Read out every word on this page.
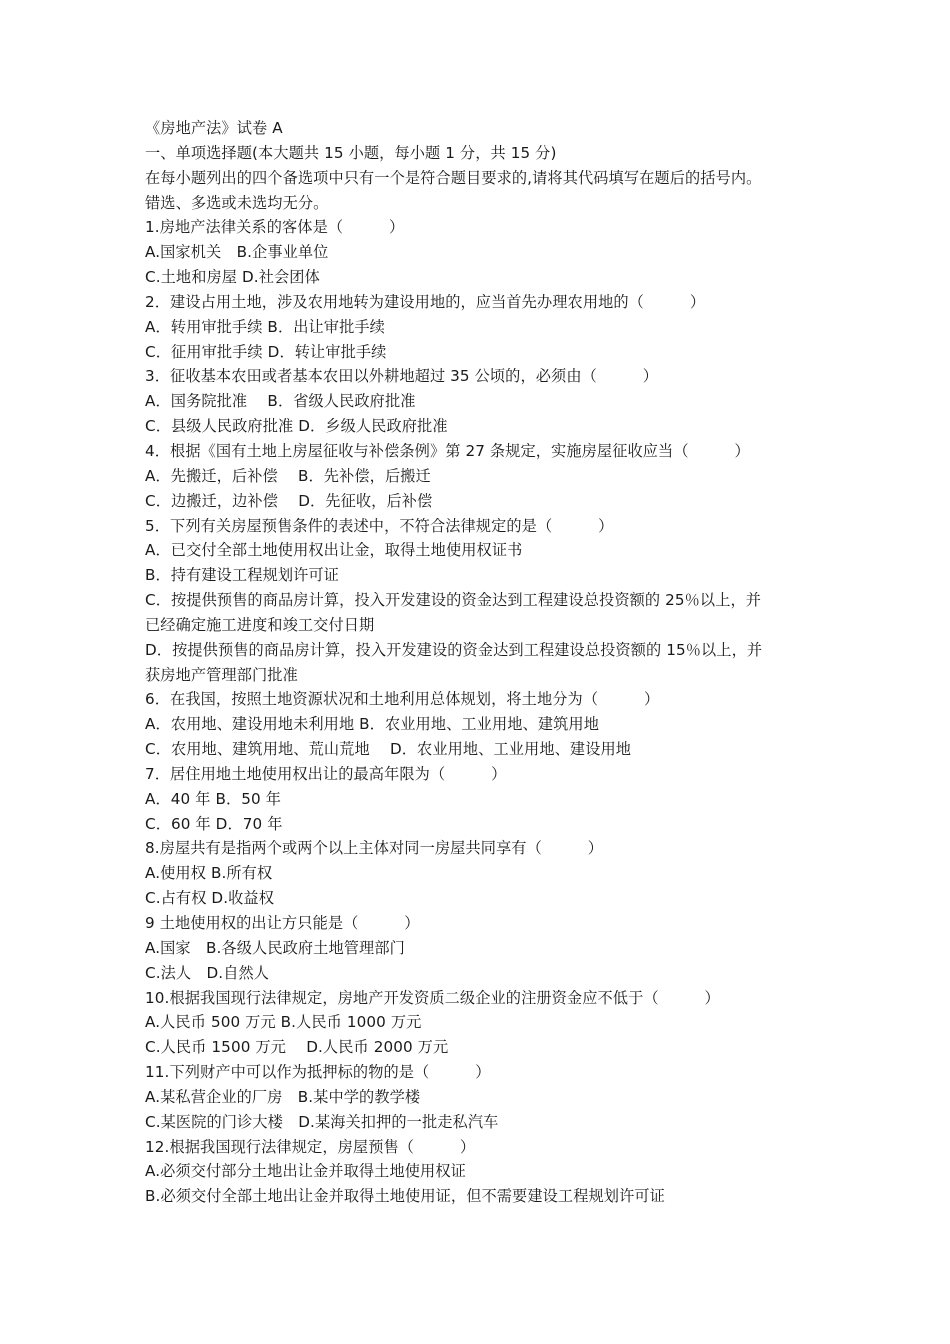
《房地产法》试卷 A
一、单项选择题(本大题共 15 小题，每小题 1 分，共 15 分)
在每小题列出的四个备选项中只有一个是符合题目要求的,请将其代码填写在题后的括号内。
错选、多选或未选均无分。
1.房地产法律关系的客体是（　　　）
A.国家机关　B.企事业单位
C.土地和房屋 D.社会团体
2．建设占用土地，涉及农用地转为建设用地的，应当首先办理农用地的（　　　）
A．转用审批手续 B．出让审批手续
C．征用审批手续 D．转让审批手续
3．征收基本农田或者基本农田以外耕地超过 35 公顷的，必须由（　　　）
A．国务院批准　 B．省级人民政府批准
C．县级人民政府批准 D．乡级人民政府批准
4．根据《国有土地上房屋征收与补偿条例》第 27 条规定，实施房屋征收应当（　　　）
A．先搬迁，后补偿　 B．先补偿，后搬迁
C．边搬迁，边补偿　 D．先征收，后补偿
5．下列有关房屋预售条件的表述中，不符合法律规定的是（　　　）
A．已交付全部土地使用权出让金，取得土地使用权证书
B．持有建设工程规划许可证
C．按提供预售的商品房计算，投入开发建设的资金达到工程建设总投资额的 25％以上，并
已经确定施工进度和竣工交付日期
D．按提供预售的商品房计算，投入开发建设的资金达到工程建设总投资额的 15％以上，并
获房地产管理部门批准
6．在我国，按照土地资源状况和土地利用总体规划，将土地分为（　　　）
A．农用地、建设用地未利用地 B．农业用地、工业用地、建筑用地
C．农用地、建筑用地、荒山荒地　 D．农业用地、工业用地、建设用地
7．居住用地土地使用权出让的最高年限为（　　　）
A．40 年 B．50 年
C．60 年 D．70 年
8.房屋共有是指两个或两个以上主体对同一房屋共同享有（　　　）
A.使用权 B.所有权
C.占有权 D.收益权
9 土地使用权的出让方只能是（　　　）
A.国家　B.各级人民政府土地管理部门
C.法人　D.自然人
10.根据我国现行法律规定，房地产开发资质二级企业的注册资金应不低于（　　　）
A.人民币 500 万元 B.人民币 1000 万元
C.人民币 1500 万元　 D.人民币 2000 万元
11.下列财产中可以作为抵押标的物的是（　　　）
A.某私营企业的厂房　B.某中学的教学楼
C.某医院的门诊大楼　D.某海关扣押的一批走私汽车
12.根据我国现行法律规定，房屋预售（　　　）
A.必须交付部分土地出让金并取得土地使用权证
B.必须交付全部土地出让金并取得土地使用证，但不需要建设工程规划许可证
